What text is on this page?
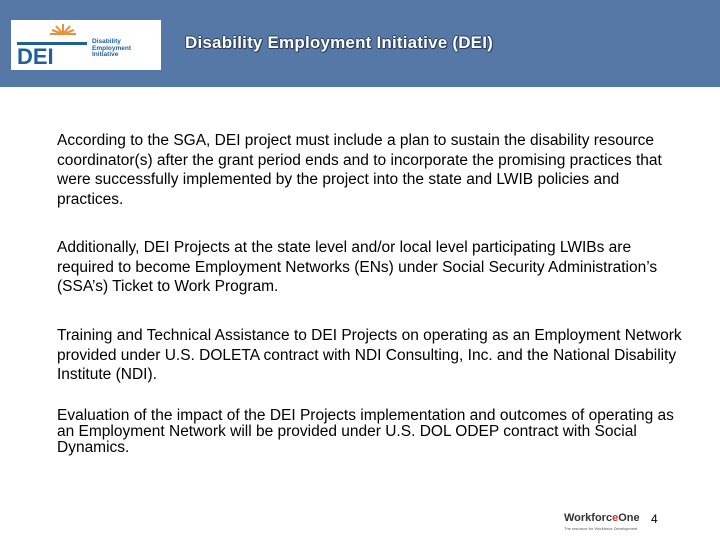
DEI
Disability
Employment
Initiative
Disability Employment Initiative (DEI)

According to the SGA, DEI project must include a plan to sustain the disability resource coordinator(s) after the grant period ends and to incorporate the promising practices that were successfully implemented by the project into the state and LWIB policies and practices.

Additionally, DEI Projects at the state level and/or local level participating LWIBs are required to become Employment Networks (ENs) under Social Security Administration’s (SSA’s) Ticket to Work Program.

Training and Technical Assistance to DEI Projects on operating as an Employment Network provided under U.S. DOLETA contract with NDI Consulting, Inc. and the National Disability Institute (NDI).

Evaluation of the impact of the DEI Projects implementation and outcomes of operating as an Employment Network will be provided under U.S. DOL ODEP contract with Social Dynamics.

WorkforceOne
The resource for Workforce Development
4
